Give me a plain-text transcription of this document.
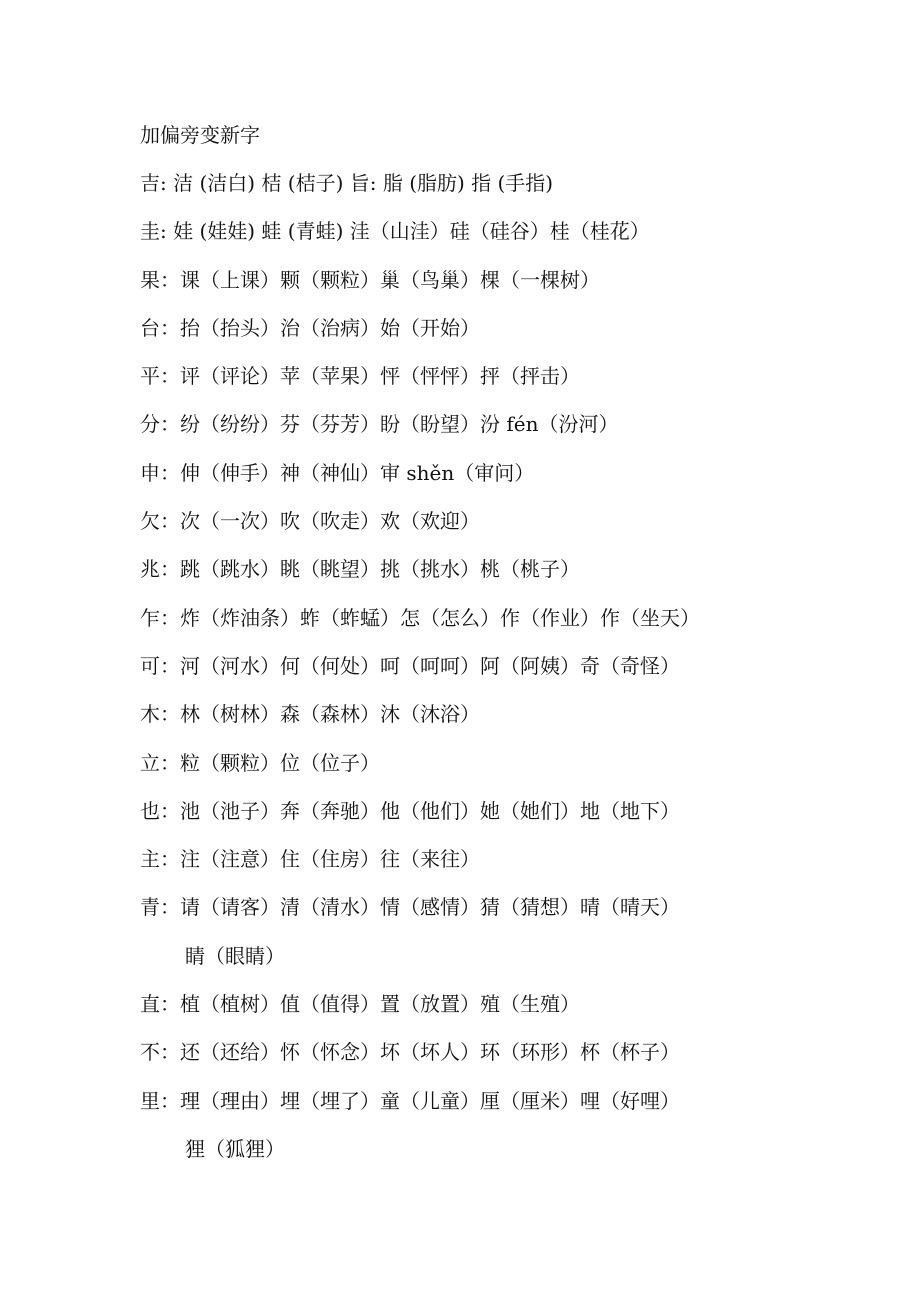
加偏旁变新字
吉: 洁 (洁白) 桔 (桔子) 旨: 脂 (脂肪) 指 (手指)
圭: 娃 (娃娃) 蛙 (青蛙) 洼（山洼）硅（硅谷）桂（桂花）
果：课（上课）颗（颗粒）巢（鸟巢）棵（一棵树）
台：抬（抬头）治（治病）始（开始）
平：评（评论）苹（苹果）怦（怦怦）抨（抨击）
分：纷（纷纷）芬（芬芳）盼（盼望）汾 fén（汾河）
申：伸（伸手）神（神仙）审 shěn（审问）
欠：次（一次）吹（吹走）欢（欢迎）
兆：跳（跳水）眺（眺望）挑（挑水）桃（桃子）
乍：炸（炸油条）蚱（蚱蜢）怎（怎么）作（作业）作（坐天）
可：河（河水）何（何处）呵（呵呵）阿（阿姨）奇（奇怪）
木：林（树林）森（森林）沐（沐浴）
立：粒（颗粒）位（位子）
也：池（池子）奔（奔驰）他（他们）她（她们）地（地下）
主：注（注意）住（住房）往（来往）
青：请（请客）清（清水）情（感情）猜（猜想）晴（晴天）
睛（眼睛）
直：植（植树）值（值得）置（放置）殖（生殖）
不：还（还给）怀（怀念）坏（坏人）环（环形）杯（杯子）
里：理（理由）埋（埋了）童（儿童）厘（厘米）哩（好哩）
狸（狐狸）
